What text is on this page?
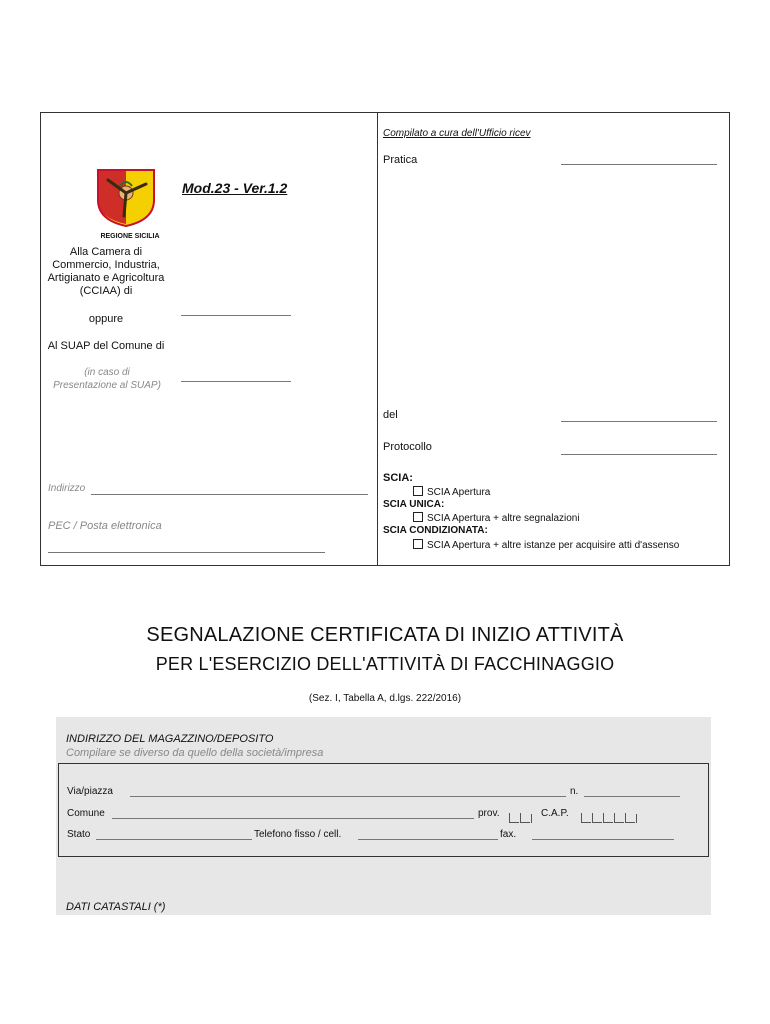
Compilato a cura dell'Ufficio ricev
Pratica
del
Protocollo
SCIA:
SCIA Apertura
SCIA UNICA:
SCIA Apertura + altre segnalazioni
SCIA CONDIZIONATA:
SCIA Apertura + altre istanze per acquisire atti d'assenso
REGIONE SICILIA
Mod.23 - Ver.1.2
Alla Camera di Commercio, Industria, Artigianato e Agricoltura (CCIAA) di
oppure
Al SUAP del Comune di
(in caso di Presentazione al SUAP)
Indirizzo
PEC / Posta elettronica
SEGNALAZIONE CERTIFICATA DI INIZIO ATTIVITÀ
PER L'ESERCIZIO DELL'ATTIVITÀ DI FACCHINAGGIO
(Sez. I, Tabella A, d.lgs. 222/2016)
INDIRIZZO DEL MAGAZZINO/DEPOSITO
Compilare se diverso da quello della società/impresa
Via/piazza	n.
Comune	prov.	C.A.P.
Stato	Telefono fisso / cell.	fax.
DATI CATASTALI (*)
